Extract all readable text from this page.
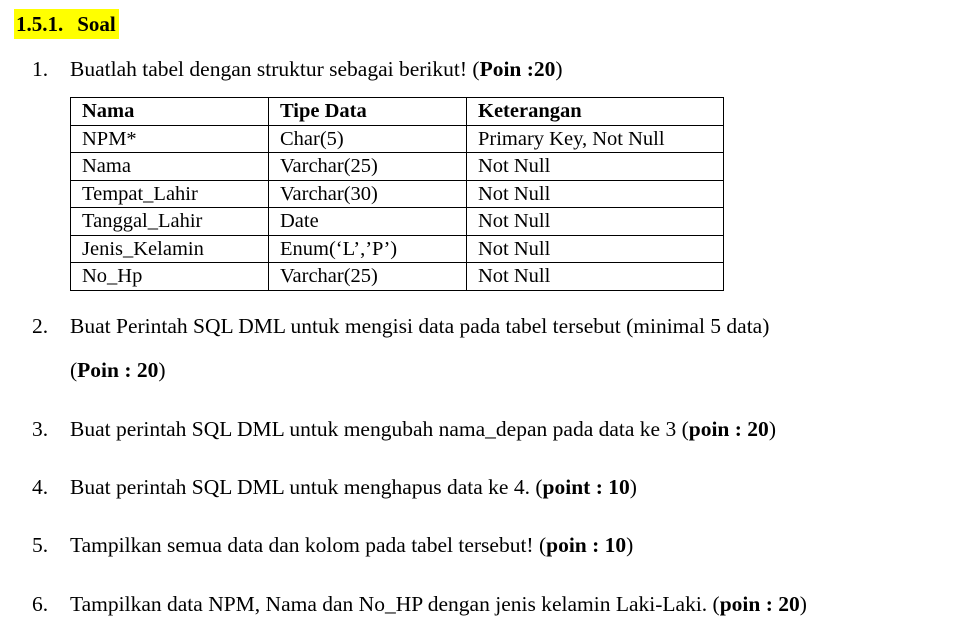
1.5.1. Soal
1. Buatlah tabel dengan struktur sebagai berikut! (Poin :20)
Nama	Tipe Data	Keterangan
NPM*	Char(5)	Primary Key, Not Null
Nama	Varchar(25)	Not Null
Tempat_Lahir	Varchar(30)	Not Null
Tanggal_Lahir	Date	Not Null
Jenis_Kelamin	Enum(‘L’,’P’)	Not Null
No_Hp	Varchar(25)	Not Null
2. Buat Perintah SQL DML untuk mengisi data pada tabel tersebut (minimal 5 data)
(Poin : 20)
3. Buat perintah SQL DML untuk mengubah nama_depan pada data ke 3 (poin : 20)
4. Buat perintah SQL DML untuk menghapus data ke 4. (point : 10)
5. Tampilkan semua data dan kolom pada tabel tersebut! (poin : 10)
6. Tampilkan data NPM, Nama dan No_HP dengan jenis kelamin Laki-Laki. (poin : 20)
